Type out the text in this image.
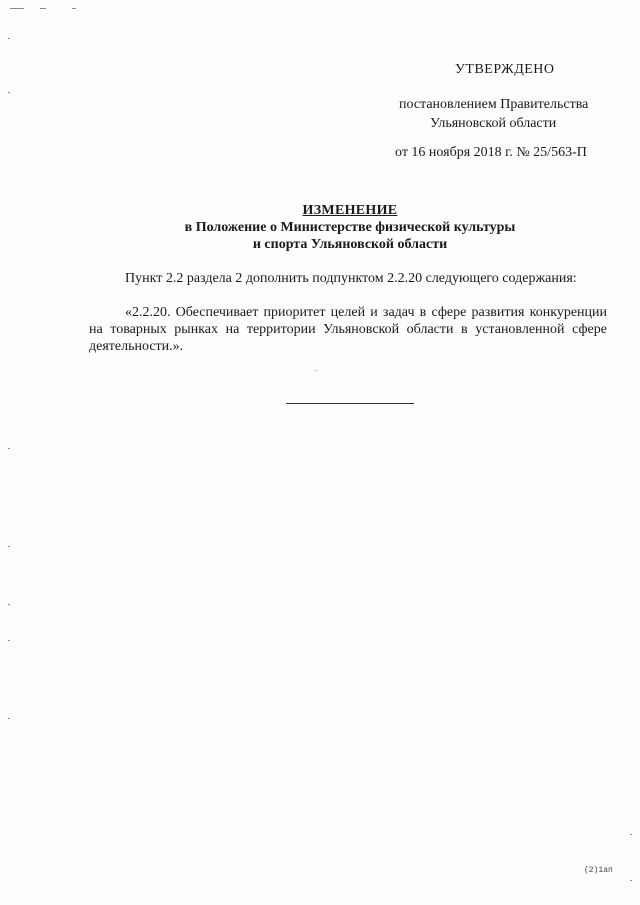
УТВЕРЖДЕНО

постановлением Правительства

Ульяновской области

от 16 ноября 2018 г. № 25/563-П

ИЗМЕНЕНИЕ

в Положение о Министерстве физической культуры

и спорта Ульяновской области

Пункт 2.2 раздела 2 дополнить подпунктом 2.2.20 следующего содержания:

«2.2.20. Обеспечивает приоритет целей и задач в сфере развития конкуренции на товарных рынках на территории Ульяновской области в установленной сфере деятельности.».

(2)1ап
